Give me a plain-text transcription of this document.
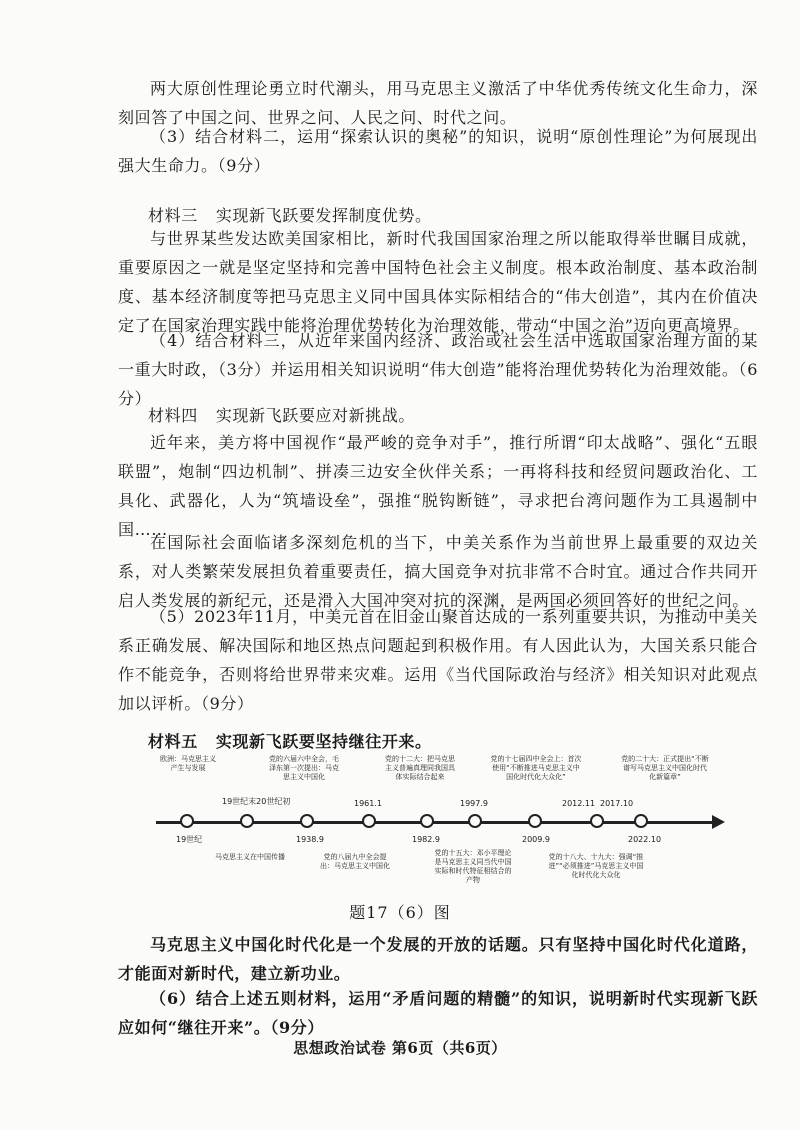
两大原创性理论勇立时代潮头，用马克思主义激活了中华优秀传统文化生命力，深刻回答了中国之问、世界之问、人民之问、时代之问。

（3）结合材料二，运用“探索认识的奥秘”的知识，说明“原创性理论”为何展现出强大生命力。（9分）

材料三 实现新飞跃要发挥制度优势。

与世界某些发达欧美国家相比，新时代我国国家治理之所以能取得举世瞩目成就，重要原因之一就是坚定坚持和完善中国特色社会主义制度。根本政治制度、基本政治制度、基本经济制度等把马克思主义同中国具体实际相结合的“伟大创造”，其内在价值决定了在国家治理实践中能将治理优势转化为治理效能，带动“中国之治”迈向更高境界。

（4）结合材料三，从近年来国内经济、政治或社会生活中选取国家治理方面的某一重大时政，（3分）并运用相关知识说明“伟大创造”能将治理优势转化为治理效能。（6分）

材料四 实现新飞跃要应对新挑战。

近年来，美方将中国视作“最严峻的竞争对手”，推行所谓“印太战略”、强化“五眼联盟”，炮制“四边机制”、拼凑三边安全伙伴关系；一再将科技和经贸问题政治化、工具化、武器化，人为“筑墙设垒”，强推“脱钩断链”，寻求把台湾问题作为工具遏制中国……

在国际社会面临诸多深刻危机的当下，中美关系作为当前世界上最重要的双边关系，对人类繁荣发展担负着重要责任，搞大国竞争对抗非常不合时宜。通过合作共同开启人类发展的新纪元，还是滑入大国冲突对抗的深渊，是两国必须回答好的世纪之问。

（5）2023年11月，中美元首在旧金山聚首达成的一系列重要共识，为推动中美关系正确发展、解决国际和地区热点问题起到积极作用。有人因此认为，大国关系只能合作不能竞争，否则将给世界带来灾难。运用《当代国际政治与经济》相关知识对此观点加以评析。（9分）

材料五 实现新飞跃要坚持继往开来。
19世纪
19世纪末20世纪初
1938.9
1961.1
1982.9
1997.9
2009.9
2012.11 2017.10
2022.10
欧洲：马克思主义产生与发展
党的六届六中全会，毛泽东第一次提出：马克思主义中国化
党的十二大：把马克思主义普遍真理同我国具体实际结合起来
党的十七届四中全会上：首次使用“不断推进马克思主义中国化时代化大众化”
党的二十大：正式提出“不断谱写马克思主义中国化时代化新篇章”
马克思主义在中国传播	党的八届九中全会提出：马克思主义中国化
党的十五大：邓小平理论是马克思主义同当代中国实际和时代特征相结合的产物
党的十八大、十九大：强调“推进”“必须推进”马克思主义中国化时代化大众化
题17（6）图

马克思主义中国化时代化是一个发展的开放的话题。只有坚持中国化时代化道路，才能面对新时代，建立新功业。

（6）结合上述五则材料，运用“矛盾问题的精髓”的知识，说明新时代实现新飞跃应如何“继往开来”。（9分）

思想政治试卷 第6页（共6页）
